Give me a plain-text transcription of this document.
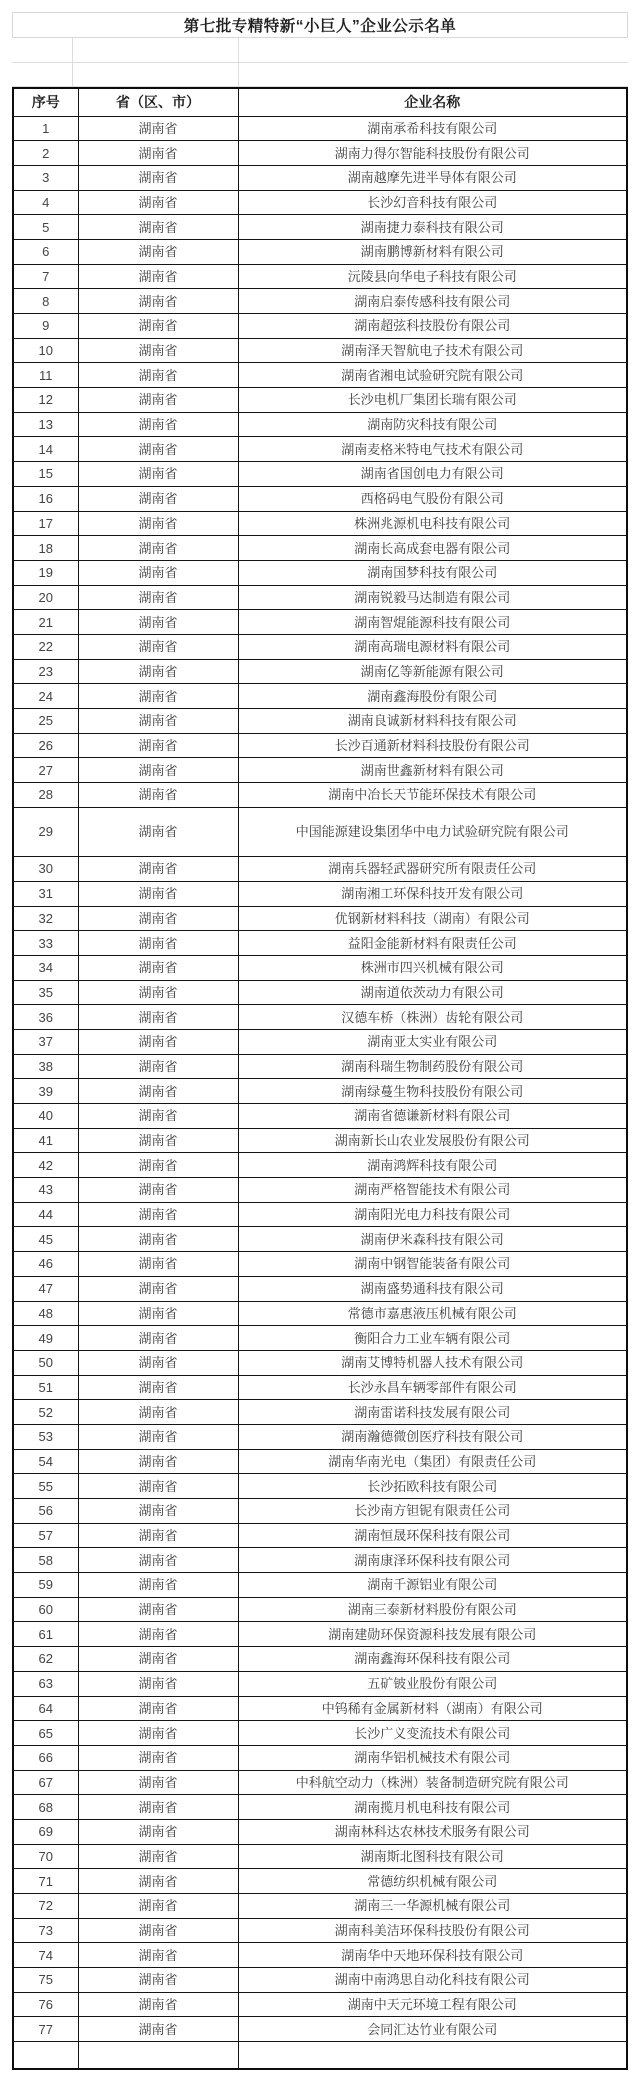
第七批专精特新“小巨人”企业公示名单
序号	省（区、市）	企业名称
1	湖南省	湖南承希科技有限公司
2	湖南省	湖南力得尔智能科技股份有限公司
3	湖南省	湖南越摩先进半导体有限公司
4	湖南省	长沙幻音科技有限公司
5	湖南省	湖南捷力泰科技有限公司
6	湖南省	湖南鹏博新材料有限公司
7	湖南省	沅陵县向华电子科技有限公司
8	湖南省	湖南启泰传感科技有限公司
9	湖南省	湖南超弦科技股份有限公司
10	湖南省	湖南泽天智航电子技术有限公司
11	湖南省	湖南省湘电试验研究院有限公司
12	湖南省	长沙电机厂集团长瑞有限公司
13	湖南省	湖南防灾科技有限公司
14	湖南省	湖南麦格米特电气技术有限公司
15	湖南省	湖南省国创电力有限公司
16	湖南省	西格码电气股份有限公司
17	湖南省	株洲兆源机电科技有限公司
18	湖南省	湖南长高成套电器有限公司
19	湖南省	湖南国梦科技有限公司
20	湖南省	湖南锐毅马达制造有限公司
21	湖南省	湖南智焜能源科技有限公司
22	湖南省	湖南高瑞电源材料有限公司
23	湖南省	湖南亿等新能源有限公司
24	湖南省	湖南鑫海股份有限公司
25	湖南省	湖南良诚新材料科技有限公司
26	湖南省	长沙百通新材料科技股份有限公司
27	湖南省	湖南世鑫新材料有限公司
28	湖南省	湖南中冶长天节能环保技术有限公司
29	湖南省	中国能源建设集团华中电力试验研究院有限公司
30	湖南省	湖南兵器轻武器研究所有限责任公司
31	湖南省	湖南湘工环保科技开发有限公司
32	湖南省	优钢新材料科技（湖南）有限公司
33	湖南省	益阳金能新材料有限责任公司
34	湖南省	株洲市四兴机械有限公司
35	湖南省	湖南道依茨动力有限公司
36	湖南省	汉德车桥（株洲）齿轮有限公司
37	湖南省	湖南亚太实业有限公司
38	湖南省	湖南科瑞生物制药股份有限公司
39	湖南省	湖南绿蔓生物科技股份有限公司
40	湖南省	湖南省德谦新材料有限公司
41	湖南省	湖南新长山农业发展股份有限公司
42	湖南省	湖南鸿辉科技有限公司
43	湖南省	湖南严格智能技术有限公司
44	湖南省	湖南阳光电力科技有限公司
45	湖南省	湖南伊米森科技有限公司
46	湖南省	湖南中钢智能装备有限公司
47	湖南省	湖南盛势通科技有限公司
48	湖南省	常德市嘉惠液压机械有限公司
49	湖南省	衡阳合力工业车辆有限公司
50	湖南省	湖南艾博特机器人技术有限公司
51	湖南省	长沙永昌车辆零部件有限公司
52	湖南省	湖南雷诺科技发展有限公司
53	湖南省	湖南瀚德微创医疗科技有限公司
54	湖南省	湖南华南光电（集团）有限责任公司
55	湖南省	长沙拓欧科技有限公司
56	湖南省	长沙南方钽铌有限责任公司
57	湖南省	湖南恒晟环保科技有限公司
58	湖南省	湖南康泽环保科技有限公司
59	湖南省	湖南千源铝业有限公司
60	湖南省	湖南三泰新材料股份有限公司
61	湖南省	湖南建勋环保资源科技发展有限公司
62	湖南省	湖南鑫海环保科技有限公司
63	湖南省	五矿铍业股份有限公司
64	湖南省	中钨稀有金属新材料（湖南）有限公司
65	湖南省	长沙广义变流技术有限公司
66	湖南省	湖南华铝机械技术有限公司
67	湖南省	中科航空动力（株洲）装备制造研究院有限公司
68	湖南省	湖南揽月机电科技有限公司
69	湖南省	湖南林科达农林技术服务有限公司
70	湖南省	湖南斯北图科技有限公司
71	湖南省	常德纺织机械有限公司
72	湖南省	湖南三一华源机械有限公司
73	湖南省	湖南科美洁环保科技股份有限公司
74	湖南省	湖南华中天地环保科技有限公司
75	湖南省	湖南中南鸿思自动化科技有限公司
76	湖南省	湖南中天元环境工程有限公司
77	湖南省	会同汇达竹业有限公司
